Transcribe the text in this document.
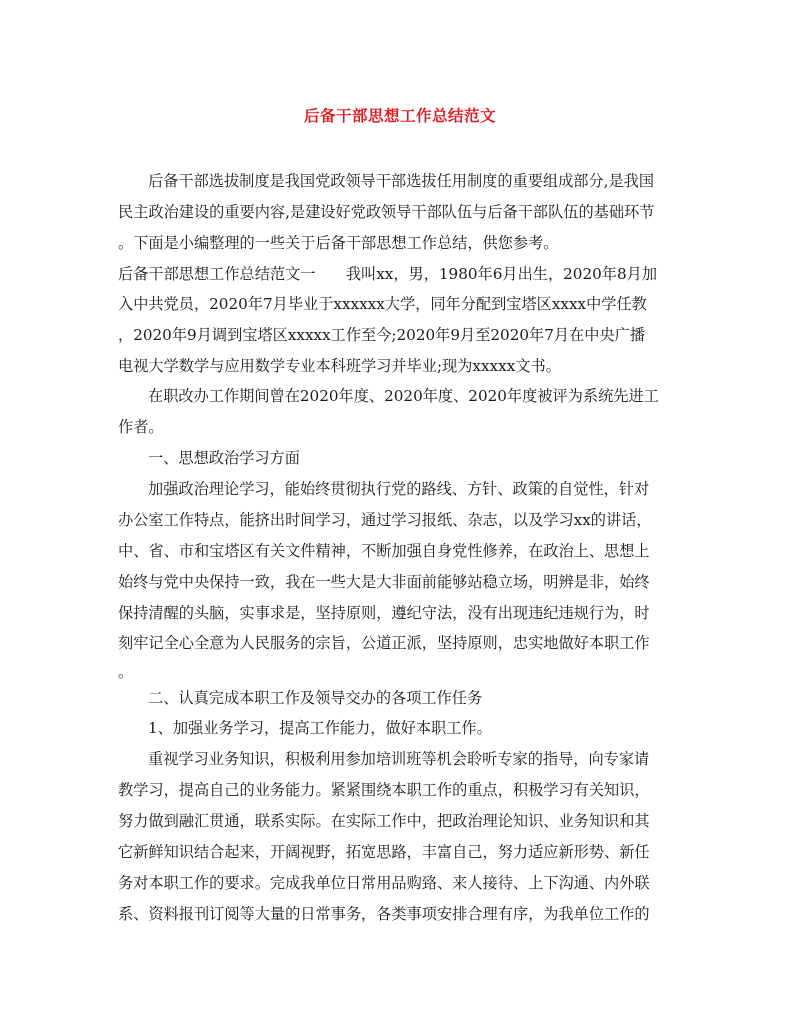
后备干部思想工作总结范文
后备干部选拔制度是我国党政领导干部选拔任用制度的重要组成部分,是我国
民主政治建设的重要内容,是建设好党政领导干部队伍与后备干部队伍的基础环节
。下面是小编整理的一些关于后备干部思想工作总结，供您参考。
后备干部思想工作总结范文一　　我叫xx，男，1980年6月出生，2020年8月加
入中共党员，2020年7月毕业于xxxxxx大学，同年分配到宝塔区xxxx中学任教
，2020年9月调到宝塔区xxxxx工作至今;2020年9月至2020年7月在中央广播
电视大学数学与应用数学专业本科班学习并毕业;现为xxxxx文书。
在职改办工作期间曾在2020年度、2020年度、2020年度被评为系统先进工
作者。
一、思想政治学习方面
加强政治理论学习，能始终贯彻执行党的路线、方针、政策的自觉性，针对
办公室工作特点，能挤出时间学习，通过学习报纸、杂志，以及学习xx的讲话，
中、省、市和宝塔区有关文件精神，不断加强自身党性修养，在政治上、思想上
始终与党中央保持一致，我在一些大是大非面前能够站稳立场，明辨是非，始终
保持清醒的头脑，实事求是，坚持原则，遵纪守法，没有出现违纪违规行为，时
刻牢记全心全意为人民服务的宗旨，公道正派，坚持原则，忠实地做好本职工作
。
二、认真完成本职工作及领导交办的各项工作任务
1、加强业务学习，提高工作能力，做好本职工作。
重视学习业务知识，积极利用参加培训班等机会聆听专家的指导，向专家请
教学习，提高自己的业务能力。紧紧围绕本职工作的重点，积极学习有关知识，
努力做到融汇贯通，联系实际。在实际工作中，把政治理论知识、业务知识和其
它新鲜知识结合起来，开阔视野，拓宽思路，丰富自己，努力适应新形势、新任
务对本职工作的要求。完成我单位日常用品购臵、来人接待、上下沟通、内外联
系、资料报刊订阅等大量的日常事务，各类事项安排合理有序，为我单位工作的
